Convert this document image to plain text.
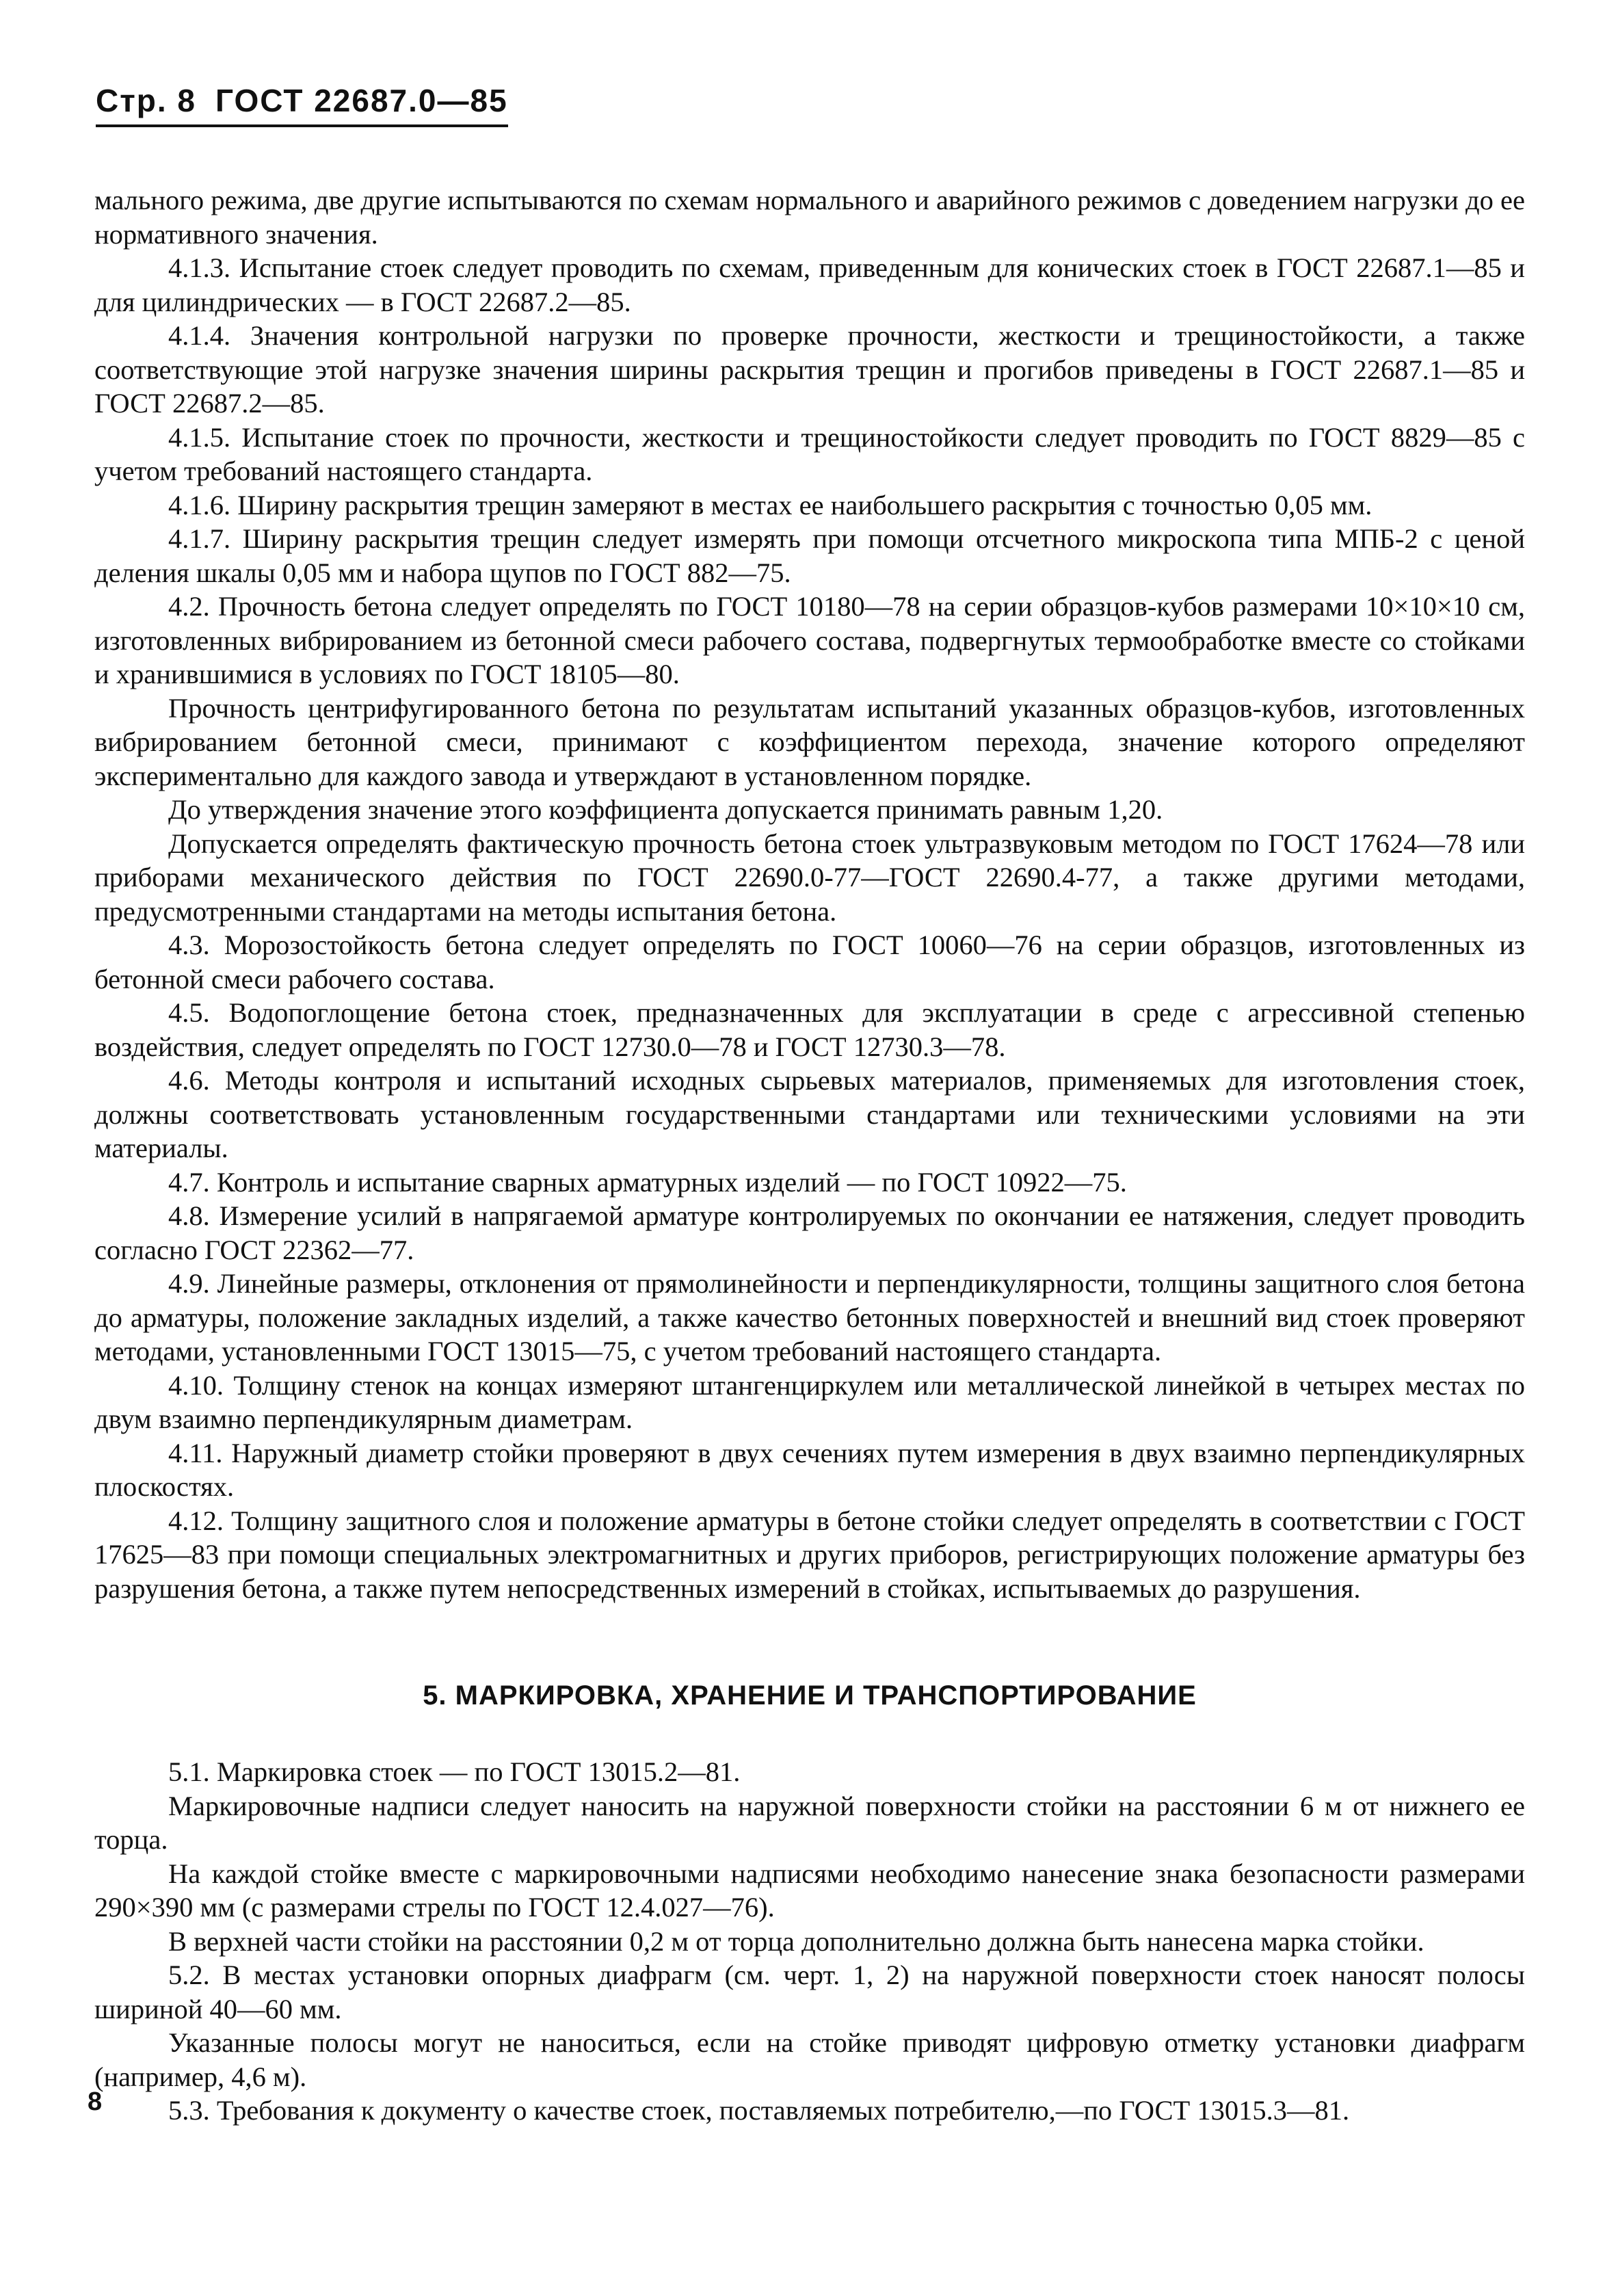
Стр. 8 ГОСТ 22687.0—85

мального режима, две другие испытываются по схемам нормального и аварийного режимов с доведением нагрузки до ее нормативного значения.

4.1.3. Испытание стоек следует проводить по схемам, приведенным для конических стоек в ГОСТ 22687.1—85 и для цилиндрических — в ГОСТ 22687.2—85.

4.1.4. Значения контрольной нагрузки по проверке прочности, жесткости и трещиностойкости, а также соответствующие этой нагрузке значения ширины раскрытия трещин и прогибов приведены в ГОСТ 22687.1—85 и ГОСТ 22687.2—85.

4.1.5. Испытание стоек по прочности, жесткости и трещиностойкости следует проводить по ГОСТ 8829—85 с учетом требований настоящего стандарта.

4.1.6. Ширину раскрытия трещин замеряют в местах ее наибольшего раскрытия с точностью 0,05 мм.

4.1.7. Ширину раскрытия трещин следует измерять при помощи отсчетного микроскопа типа МПБ-2 с ценой деления шкалы 0,05 мм и набора щупов по ГОСТ 882—75.

4.2. Прочность бетона следует определять по ГОСТ 10180—78 на серии образцов-кубов размерами 10×10×10 см, изготовленных вибрированием из бетонной смеси рабочего состава, подвергнутых термообработке вместе со стойками и хранившимися в условиях по ГОСТ 18105—80.

Прочность центрифугированного бетона по результатам испытаний указанных образцов-кубов, изготовленных вибрированием бетонной смеси, принимают с коэффициентом перехода, значение которого определяют экспериментально для каждого завода и утверждают в установленном порядке.

До утверждения значение этого коэффициента допускается принимать равным 1,20.

Допускается определять фактическую прочность бетона стоек ультразвуковым методом по ГОСТ 17624—78 или приборами механического действия по ГОСТ 22690.0-77—ГОСТ 22690.4-77, а также другими методами, предусмотренными стандартами на методы испытания бетона.

4.3. Морозостойкость бетона следует определять по ГОСТ 10060—76 на серии образцов, изготовленных из бетонной смеси рабочего состава.

4.5. Водопоглощение бетона стоек, предназначенных для эксплуатации в среде с агрессивной степенью воздействия, следует определять по ГОСТ 12730.0—78 и ГОСТ 12730.3—78.

4.6. Методы контроля и испытаний исходных сырьевых материалов, применяемых для изготовления стоек, должны соответствовать установленным государственными стандартами или техническими условиями на эти материалы.

4.7. Контроль и испытание сварных арматурных изделий — по ГОСТ 10922—75.

4.8. Измерение усилий в напрягаемой арматуре контролируемых по окончании ее натяжения, следует проводить согласно ГОСТ 22362—77.

4.9. Линейные размеры, отклонения от прямолинейности и перпендикулярности, толщины защитного слоя бетона до арматуры, положение закладных изделий, а также качество бетонных поверхностей и внешний вид стоек проверяют методами, установленными ГОСТ 13015—75, с учетом требований настоящего стандарта.

4.10. Толщину стенок на концах измеряют штангенциркулем или металлической линейкой в четырех местах по двум взаимно перпендикулярным диаметрам.

4.11. Наружный диаметр стойки проверяют в двух сечениях путем измерения в двух взаимно перпендикулярных плоскостях.

4.12. Толщину защитного слоя и положение арматуры в бетоне стойки следует определять в соответствии с ГОСТ 17625—83 при помощи специальных электромагнитных и других приборов, регистрирующих положение арматуры без разрушения бетона, а также путем непосредственных измерений в стойках, испытываемых до разрушения.

5. МАРКИРОВКА, ХРАНЕНИЕ И ТРАНСПОРТИРОВАНИЕ

5.1. Маркировка стоек — по ГОСТ 13015.2—81.

Маркировочные надписи следует наносить на наружной поверхности стойки на расстоянии 6 м от нижнего ее торца.

На каждой стойке вместе с маркировочными надписями необходимо нанесение знака безопасности размерами 290×390 мм (с размерами стрелы по ГОСТ 12.4.027—76).

В верхней части стойки на расстоянии 0,2 м от торца дополнительно должна быть нанесена марка стойки.

5.2. В местах установки опорных диафрагм (см. черт. 1, 2) на наружной поверхности стоек наносят полосы шириной 40—60 мм.

Указанные полосы могут не наноситься, если на стойке приводят цифровую отметку установки диафрагм (например, 4,6 м).

5.3. Требования к документу о качестве стоек, поставляемых потребителю,—по ГОСТ 13015.3—81.

8
